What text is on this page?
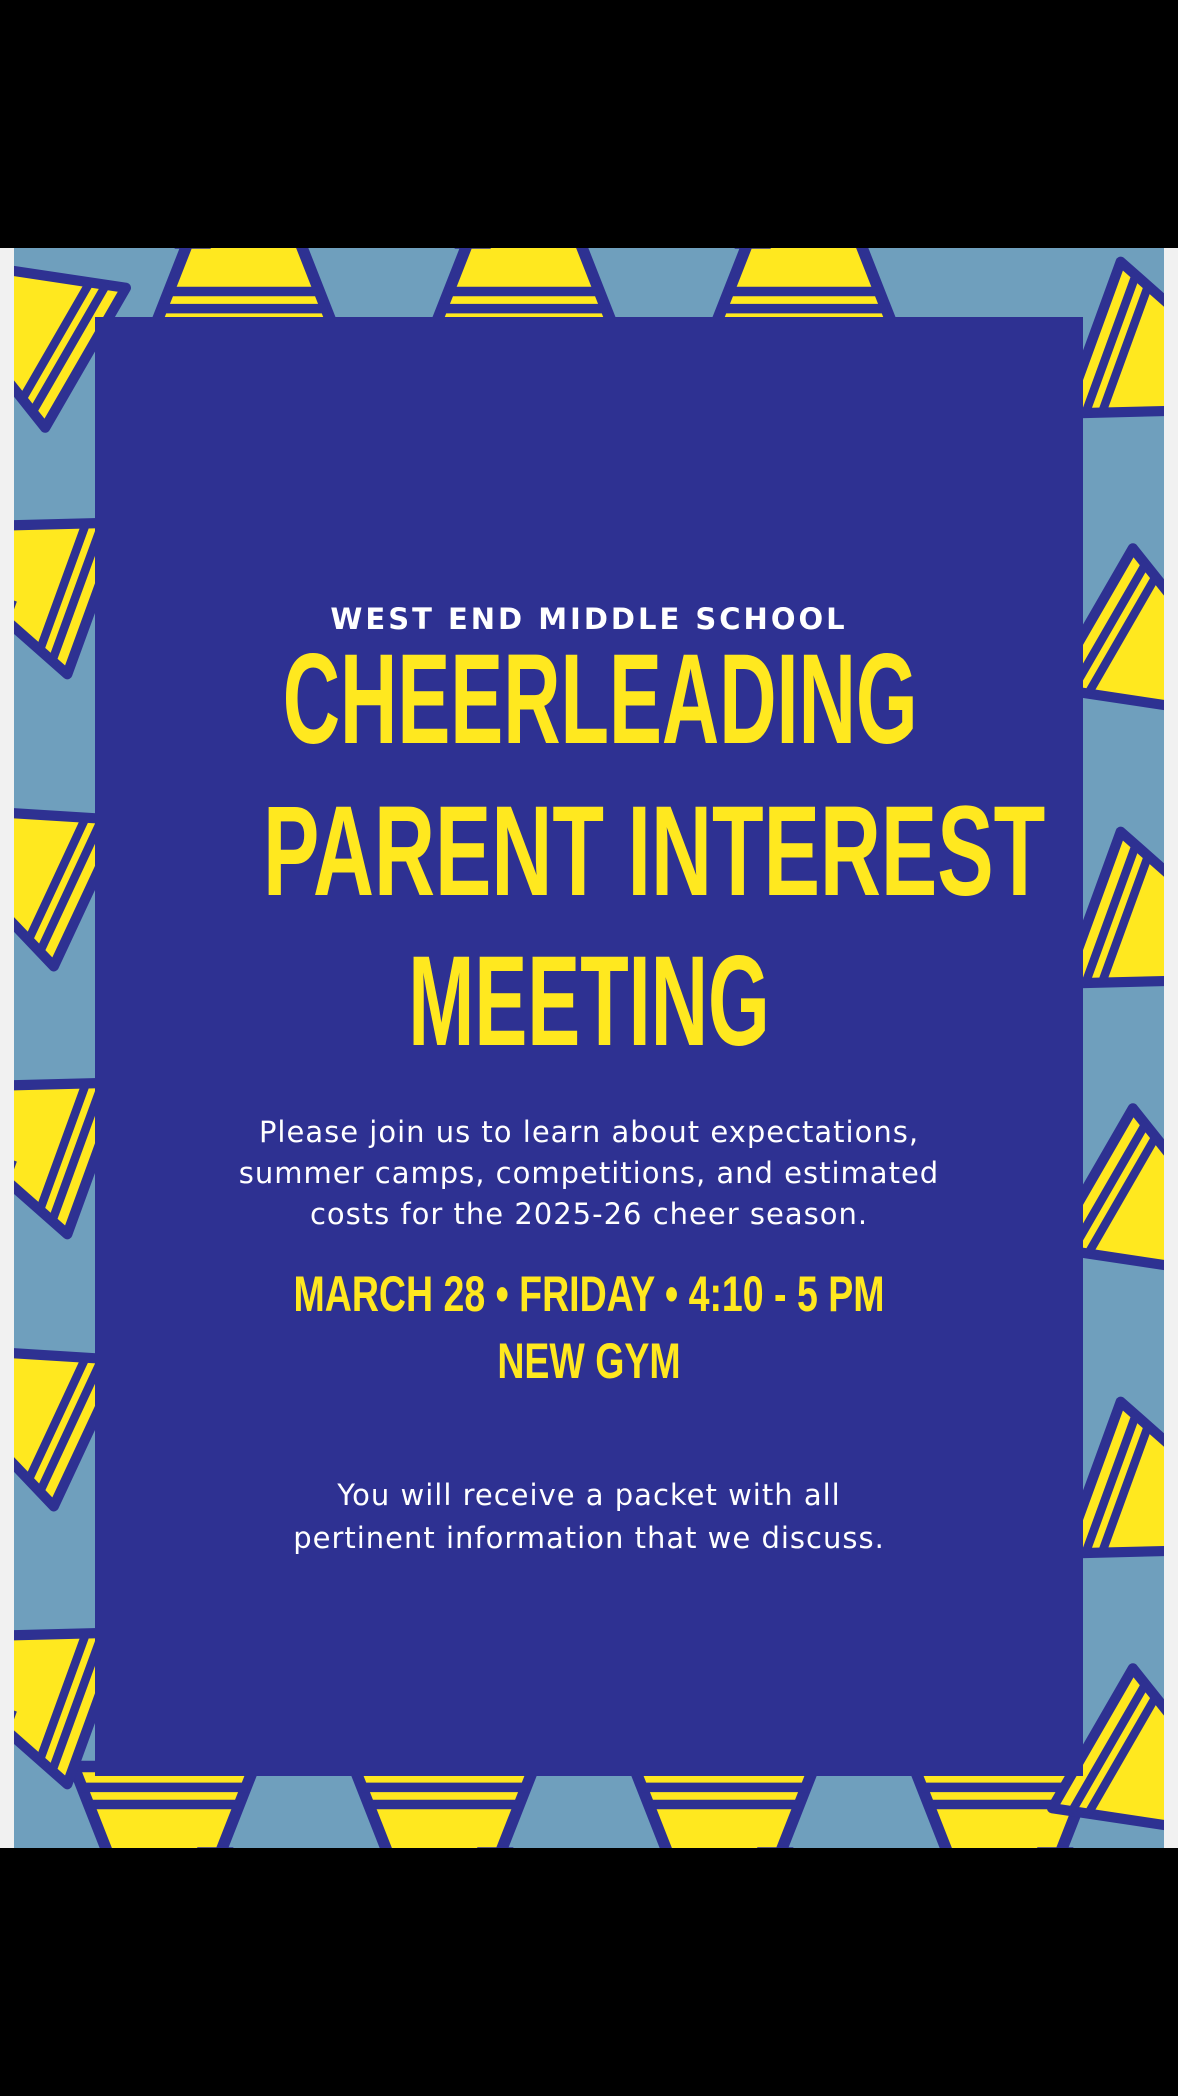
WEST END MIDDLE SCHOOL
CHEERLEADING
PARENT INTEREST
MEETING
Please join us to learn about expectations,
summer camps, competitions, and estimated
costs for the 2025-26 cheer season.
MARCH 28 • FRIDAY • 4:10 - 5 PM
NEW GYM
You will receive a packet with all
pertinent information that we discuss.
